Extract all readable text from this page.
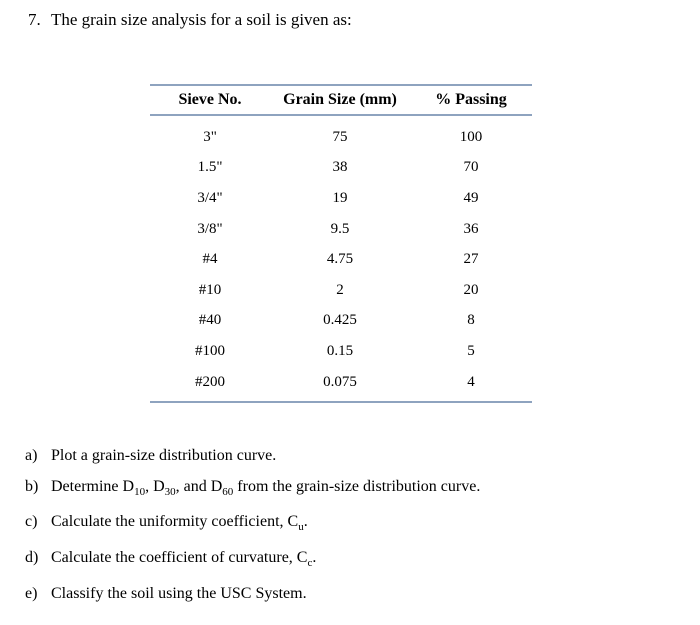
7. The grain size analysis for a soil is given as:
Sieve No.	Grain Size (mm)	% Passing

3"	75	100
1.5"	38	70
3/4"	19	49
3/8"	9.5	36
#4	4.75	27
#10	2	20
#40	0.425	8
#100	0.15	5
#200	0.075	4
a) Plot a grain-size distribution curve.
b) Determine $D_{10}$, $D_{30}$, and $D_{60}$ from the grain-size distribution curve.
c) Calculate the uniformity coefficient, $C_u$.
d) Calculate the coefficient of curvature, $C_c$.
e) Classify the soil using the USC System.
